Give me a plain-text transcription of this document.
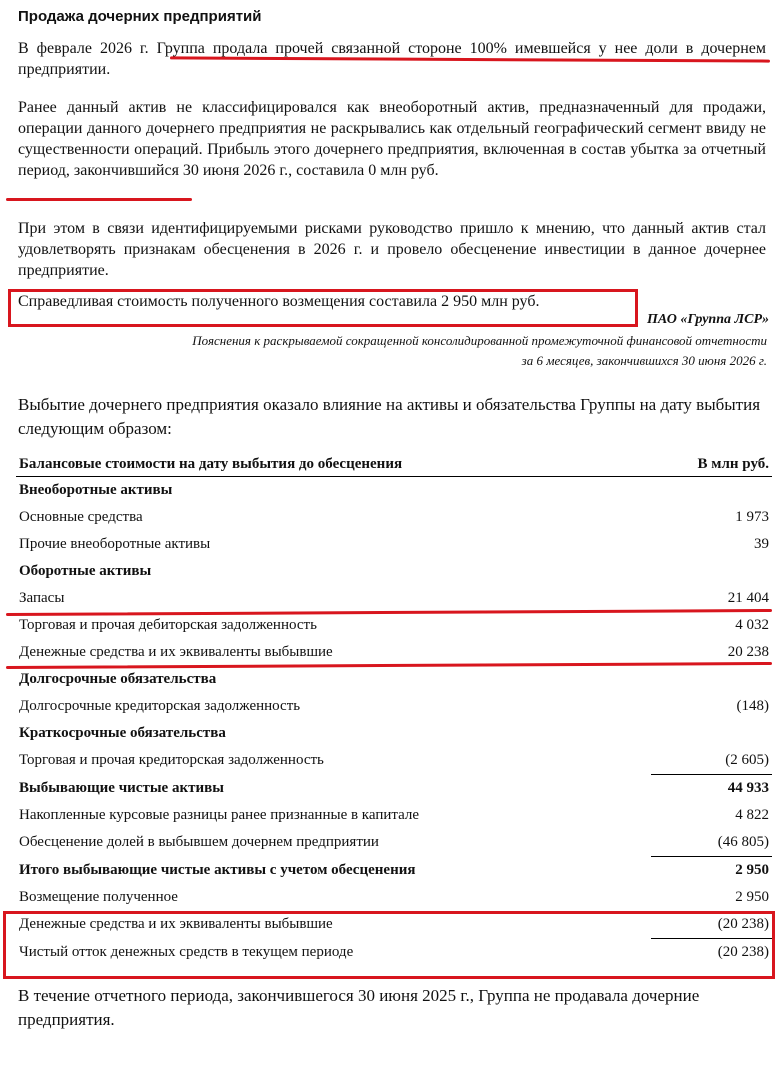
Продажа дочерних предприятий
В феврале 2026 г. Группа продала прочей связанной стороне 100% имевшейся у нее доли в дочернем предприятии.
Ранее данный актив не классифицировался как внеоборотный актив, предназначенный для продажи, операции данного дочернего предприятия не раскрывались как отдельный географический сегмент ввиду не существенности операций. Прибыль этого дочернего предприятия, включенная в состав убытка за отчетный период, закончившийся 30 июня 2026 г., составила 0 млн руб.
При этом в связи идентифицируемыми рисками руководство пришло к мнению, что данный актив стал удовлетворять признакам обесценения в 2026 г. и провело обесценение инвестиции в данное дочернее предприятие.
Справедливая стоимость полученного возмещения составила 2 950 млн руб.
ПАО «Группа ЛСР»
Пояснения к раскрываемой сокращенной консолидированной промежуточной финансовой отчетности
за 6 месяцев, закончившихся 30 июня 2026 г.
Выбытие дочернего предприятия оказало влияние на активы и обязательства Группы на дату выбытия следующим образом:
Балансовые стоимости на дату выбытия до обесценения	В млн руб.
Внеоборотные активы	
Основные средства	1 973
Прочие внеоборотные активы	39
Оборотные активы	
Запасы	21 404
Торговая и прочая дебиторская задолженность	4 032
Денежные средства и их эквиваленты выбывшие	20 238
Долгосрочные обязательства	
Долгосрочные кредиторская задолженность	(148)
Краткосрочные обязательства	
Торговая и прочая кредиторская задолженность	(2 605)
Выбывающие чистые активы	44 933
Накопленные курсовые разницы ранее признанные в капитале	4 822
Обесценение долей в выбывшем дочернем предприятии	(46 805)
Итого выбывающие чистые активы с учетом обесценения	2 950
Возмещение полученное	2 950
Денежные средства и их эквиваленты выбывшие	(20 238)
Чистый отток денежных средств в текущем периоде	(20 238)
В течение отчетного периода, закончившегося 30 июня 2025 г., Группа не продавала дочерние предприятия.
